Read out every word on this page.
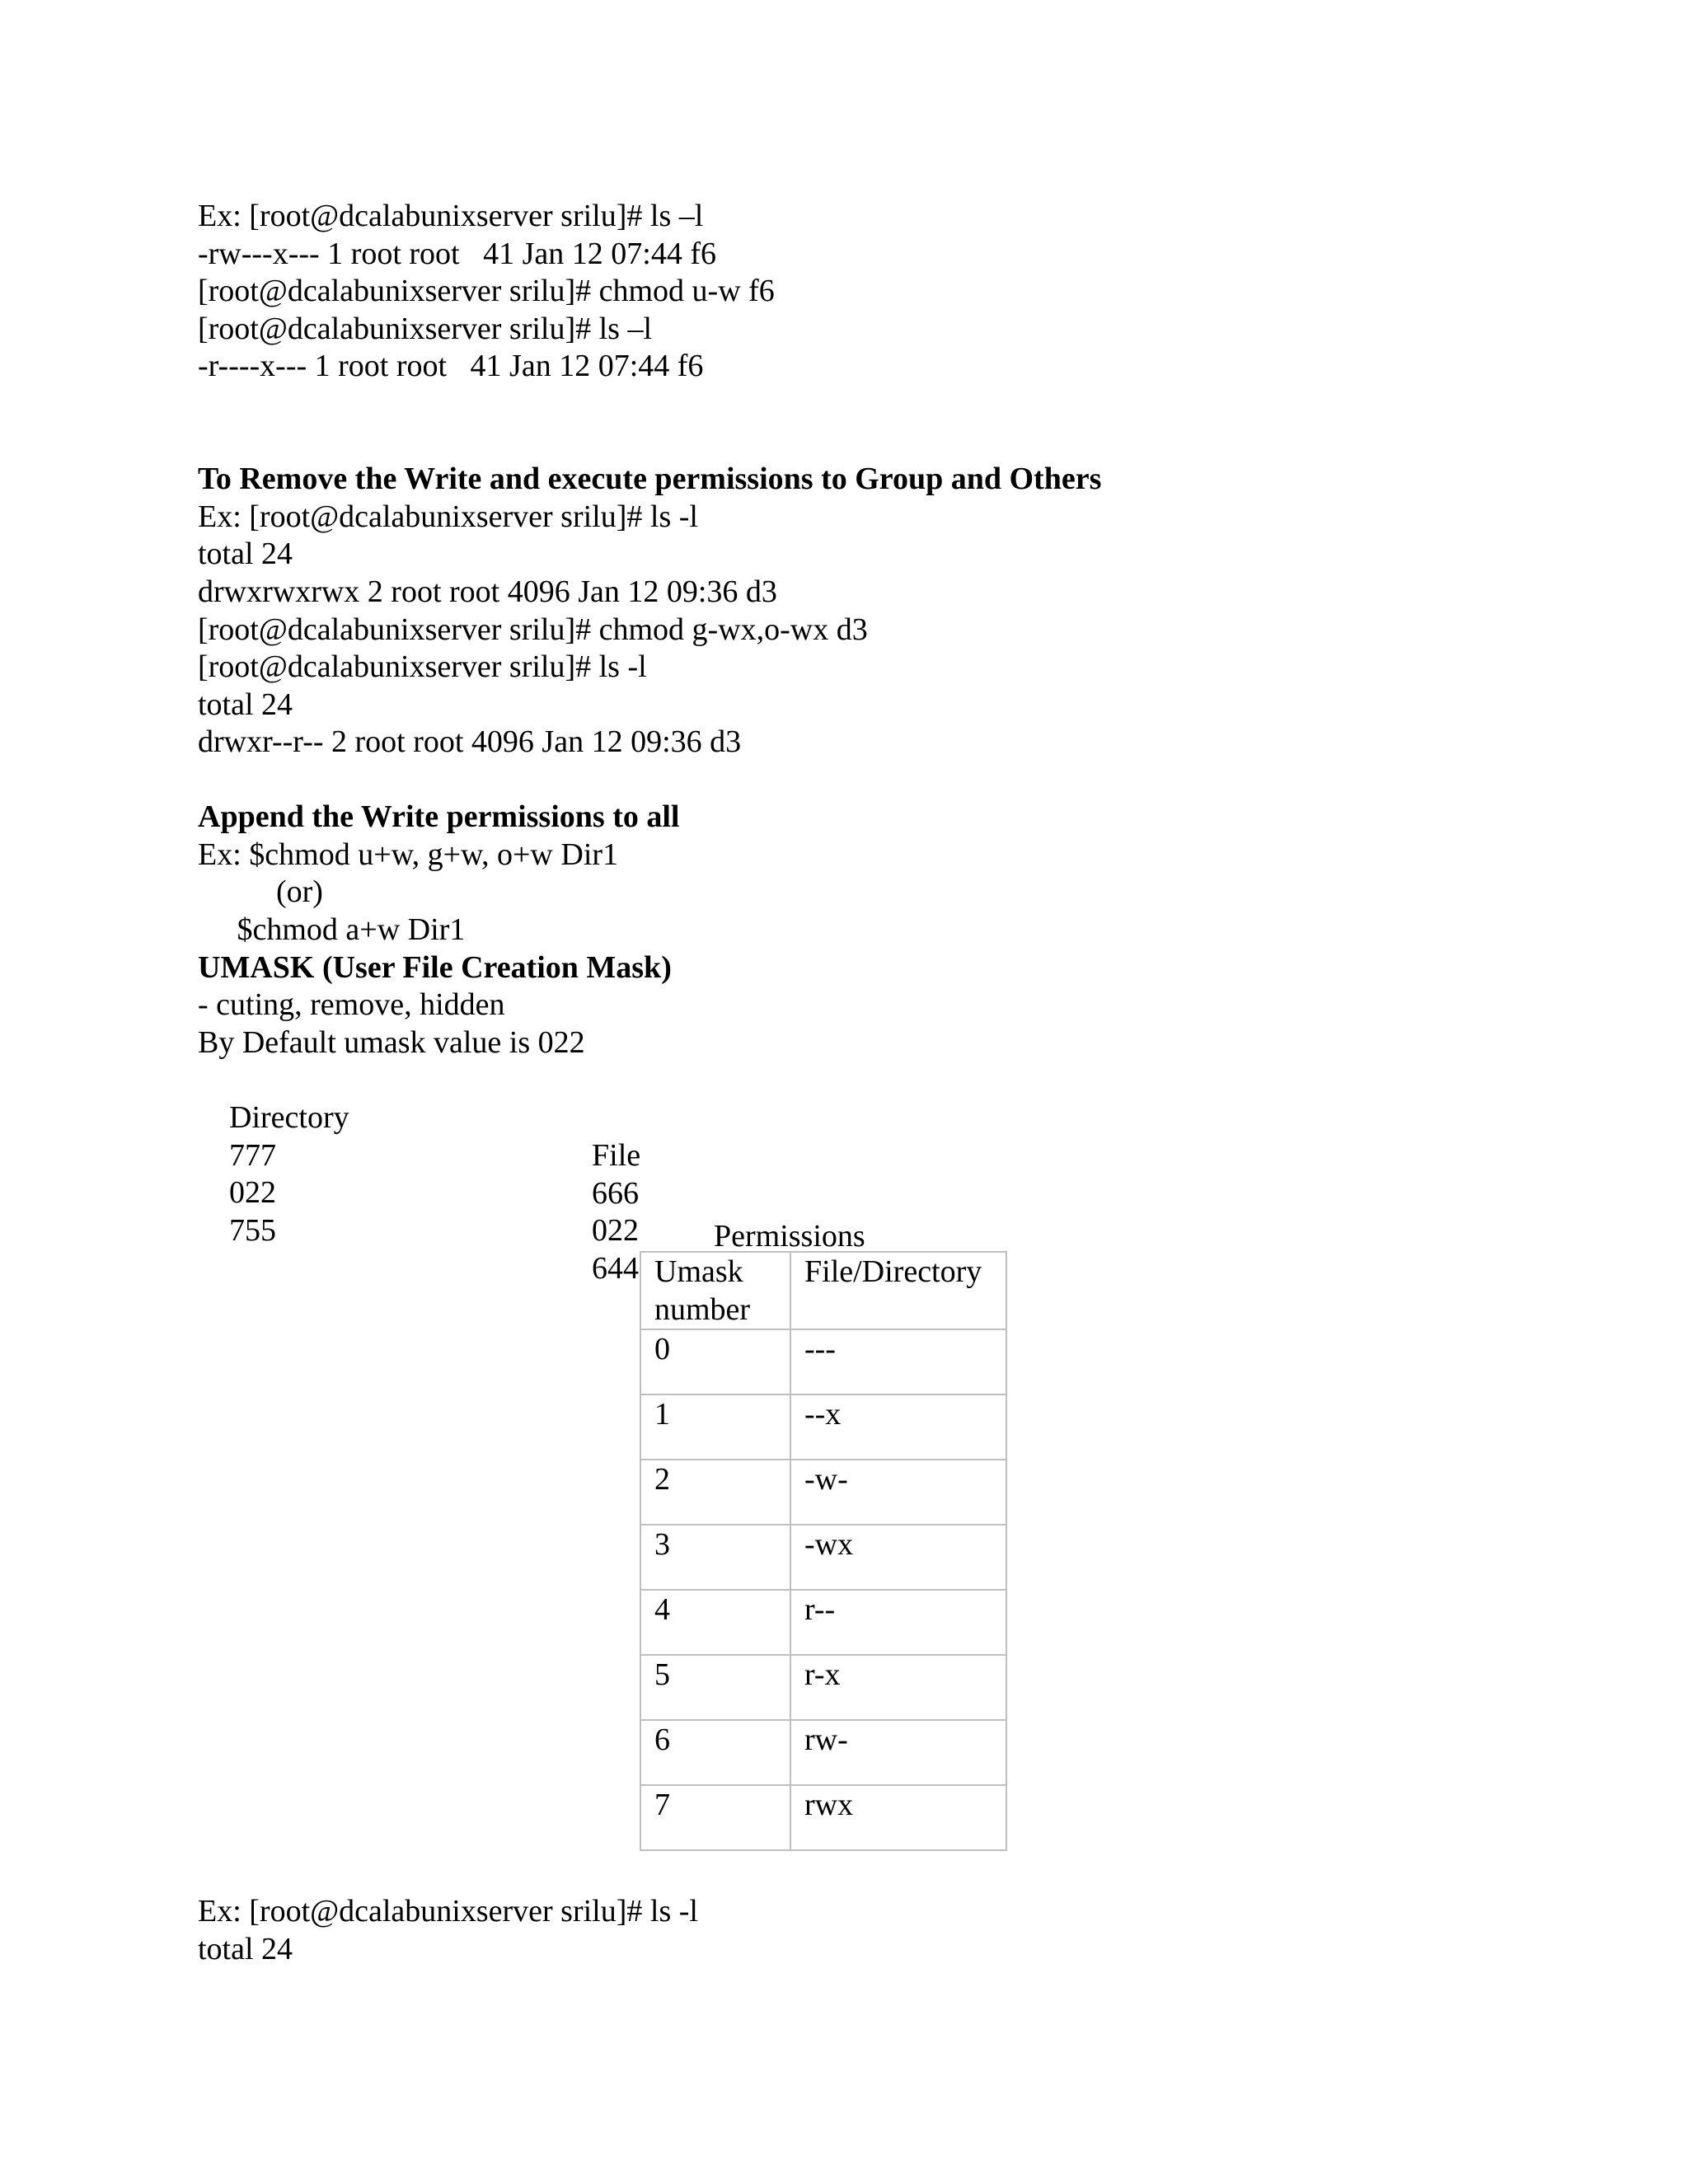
Ex: [root@dcalabunixserver srilu]# ls –l
-rw---x--- 1 root root   41 Jan 12 07:44 f6
[root@dcalabunixserver srilu]# chmod u-w f6
[root@dcalabunixserver srilu]# ls –l
-r----x--- 1 root root   41 Jan 12 07:44 f6
To Remove the Write and execute permissions to Group and Others
Ex: [root@dcalabunixserver srilu]# ls -l
total 24
drwxrwxrwx 2 root root 4096 Jan 12 09:36 d3
[root@dcalabunixserver srilu]# chmod g-wx,o-wx d3
[root@dcalabunixserver srilu]# ls -l
total 24
drwxr--r-- 2 root root 4096 Jan 12 09:36 d3
Append the Write permissions to all
Ex: $chmod u+w, g+w, o+w Dir1
(or)
$chmod a+w Dir1
UMASK (User File Creation Mask)
- cuting, remove, hidden
By Default umask value is 022

Directory

File

777

666

022

022

755

644

Permissions
Umask number	File/Directory
0	---
1	--x
2	-w-
3	-wx
4	r--
5	r-x
6	rw-
7	rwx
Ex: [root@dcalabunixserver srilu]# ls -l
total 24
